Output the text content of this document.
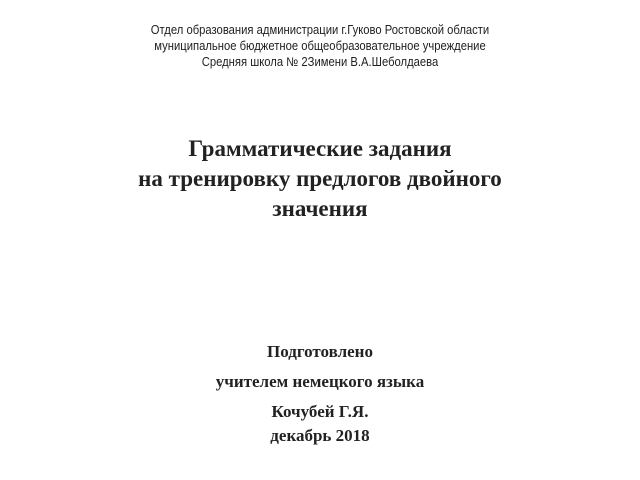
Отдел образования администрации г.Гуково Ростовской области
муниципальное бюджетное общеобразовательное учреждение
Средняя школа № 2Зимени В.А.Шеболдаева
Грамматические задания
на тренировку предлогов двойного
значения
Подготовлено
учителем немецкого языка
Кочубей Г.Я.
декабрь 2018
